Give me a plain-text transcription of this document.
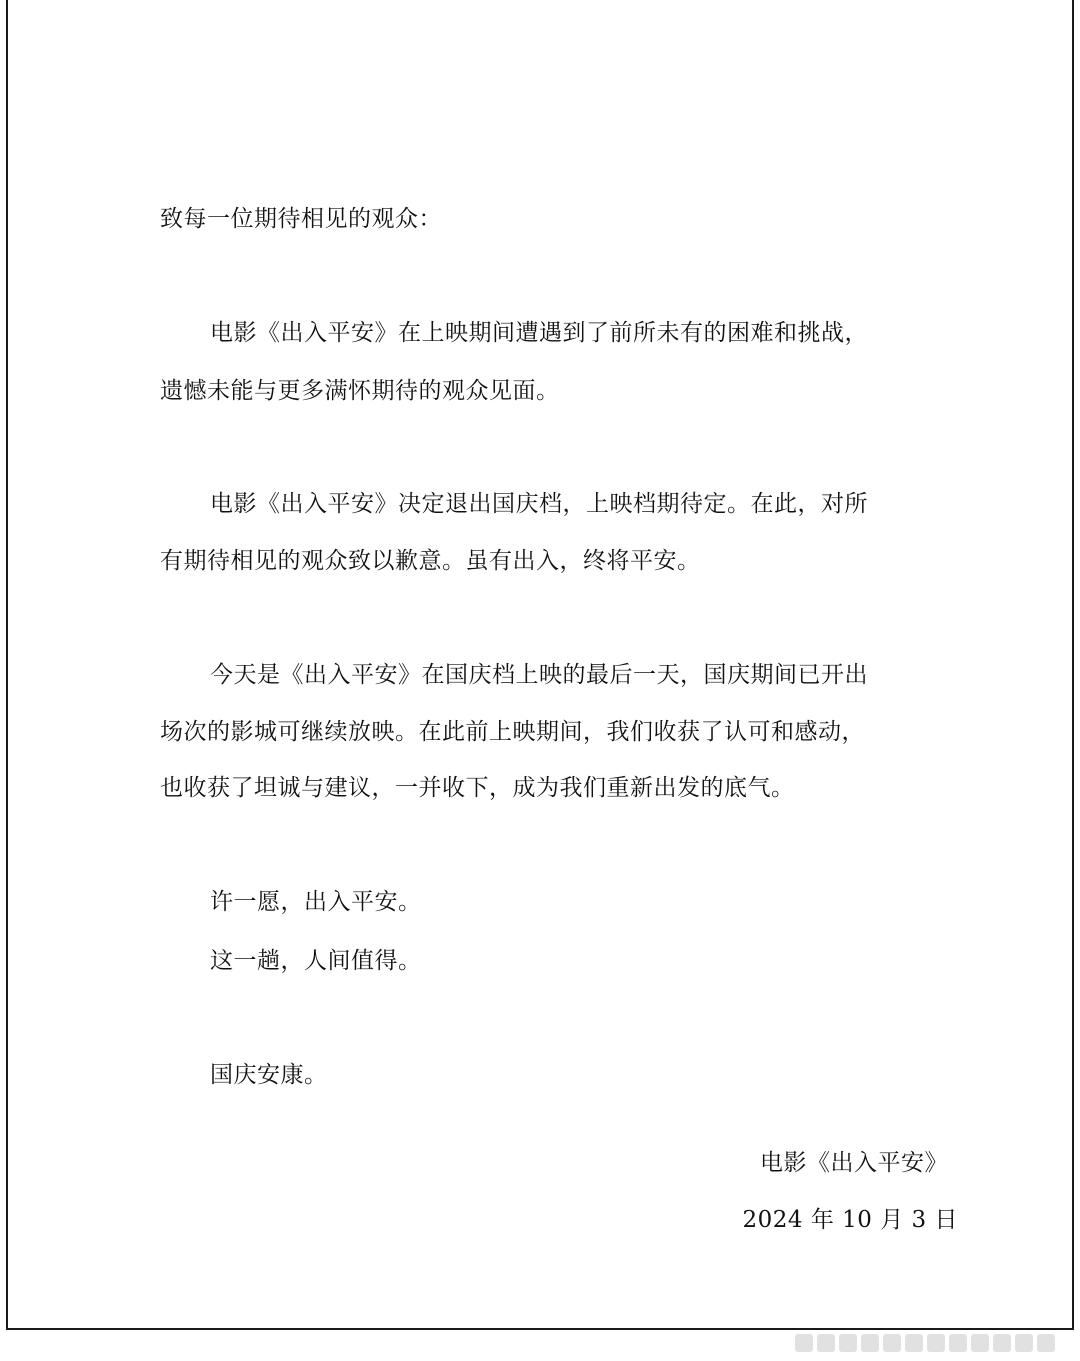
致每一位期待相见的观众：
电影《出入平安》在上映期间遭遇到了前所未有的困难和挑战，
遗憾未能与更多满怀期待的观众见面。
电影《出入平安》决定退出国庆档，上映档期待定。在此，对所
有期待相见的观众致以歉意。虽有出入，终将平安。
今天是《出入平安》在国庆档上映的最后一天，国庆期间已开出
场次的影城可继续放映。在此前上映期间，我们收获了认可和感动，
也收获了坦诚与建议，一并收下，成为我们重新出发的底气。
许一愿，出入平安。
这一趟，人间值得。
国庆安康。
电影《出入平安》
2024 年 10 月 3 日
